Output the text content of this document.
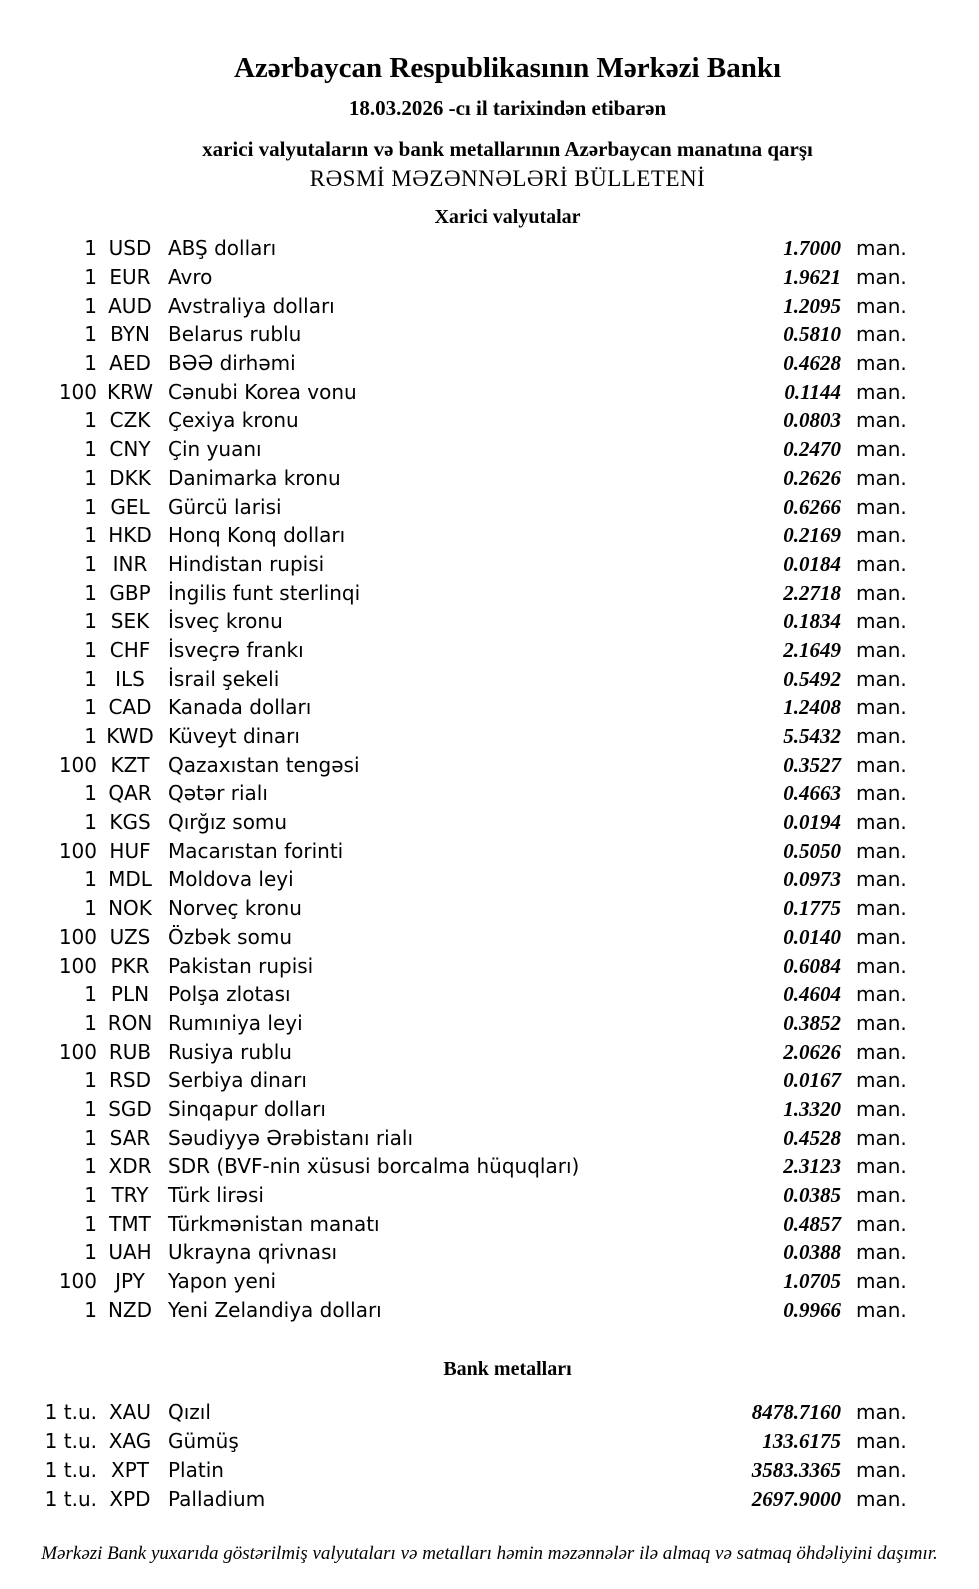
Azərbaycan Respublikasının Mərkəzi Bankı
18.03.2026 -cı il tarixindən etibarən
xarici valyutaların və bank metallarının Azərbaycan manatına qarşı
RƏSMİ MƏZƏNNƏLƏRİ BÜLLETENİ
Xarici valyutalar
1 USD ABŞ dolları	1.7000 man.
1 EUR Avro	1.9621 man.
1 AUD Avstraliya dolları	1.2095 man.
1 BYN Belarus rublu	0.5810 man.
1 AED BƏƏ dirhəmi	0.4628 man.
100 KRW Cənubi Korea vonu	0.1144 man.
1 CZK Çexiya kronu	0.0803 man.
1 CNY Çin yuanı	0.2470 man.
1 DKK Danimarka kronu	0.2626 man.
1 GEL Gürcü larisi	0.6266 man.
1 HKD Honq Konq dolları	0.2169 man.
1 INR	Hindistan rupisi	0.0184 man.
1 GBP İngilis funt sterlinqi	2.2718 man.
1 SEK İsveç kronu	0.1834 man.
1 CHF İsveçrə frankı	2.1649 man.
1 ILS	İsrail şekeli	0.5492 man.
1 CAD Kanada dolları	1.2408 man.
1 KWD Küveyt dinarı	5.5432 man.
100 KZT Qazaxıstan tengəsi	0.3527 man.
1 QAR Qətər rialı	0.4663 man.
1 KGS Qırğız somu	0.0194 man.
100 HUF Macarıstan forinti	0.5050 man.
1 MDL Moldova leyi	0.0973 man.
1 NOK Norveç kronu	0.1775 man.
100 UZS Özbək somu	0.0140 man.
100 PKR Pakistan rupisi	0.6084 man.
1 PLN Polşa zlotası	0.4604 man.
1 RON Rumıniya leyi	0.3852 man.
100 RUB Rusiya rublu	2.0626 man.
1 RSD Serbiya dinarı	0.0167 man.
1 SGD Sinqapur dolları	1.3320 man.
1 SAR Səudiyyə Ərəbistanı rialı	0.4528 man.
1 XDR SDR (BVF-nin xüsusi borcalma hüquqları)	2.3123 man.
1 TRY Türk lirəsi	0.0385 man.
1 TMT Türkmənistan manatı	0.4857 man.
1 UAH Ukrayna qrivnası	0.0388 man.
100 JPY	Yapon yeni	1.0705 man.
1 NZD Yeni Zelandiya dolları	0.9966 man.
Bank metalları
1 t.u. XAU Qızıl	8478.7160 man.
1 t.u. XAG Gümüş	133.6175 man.
1 t.u. XPT Platin	3583.3365 man.
1 t.u. XPD Palladium	2697.9000 man.
Mərkəzi Bank yuxarıda göstərilmiş valyutaları və metalları həmin məzənnələr ilə almaq və satmaq öhdəliyini daşımır.
